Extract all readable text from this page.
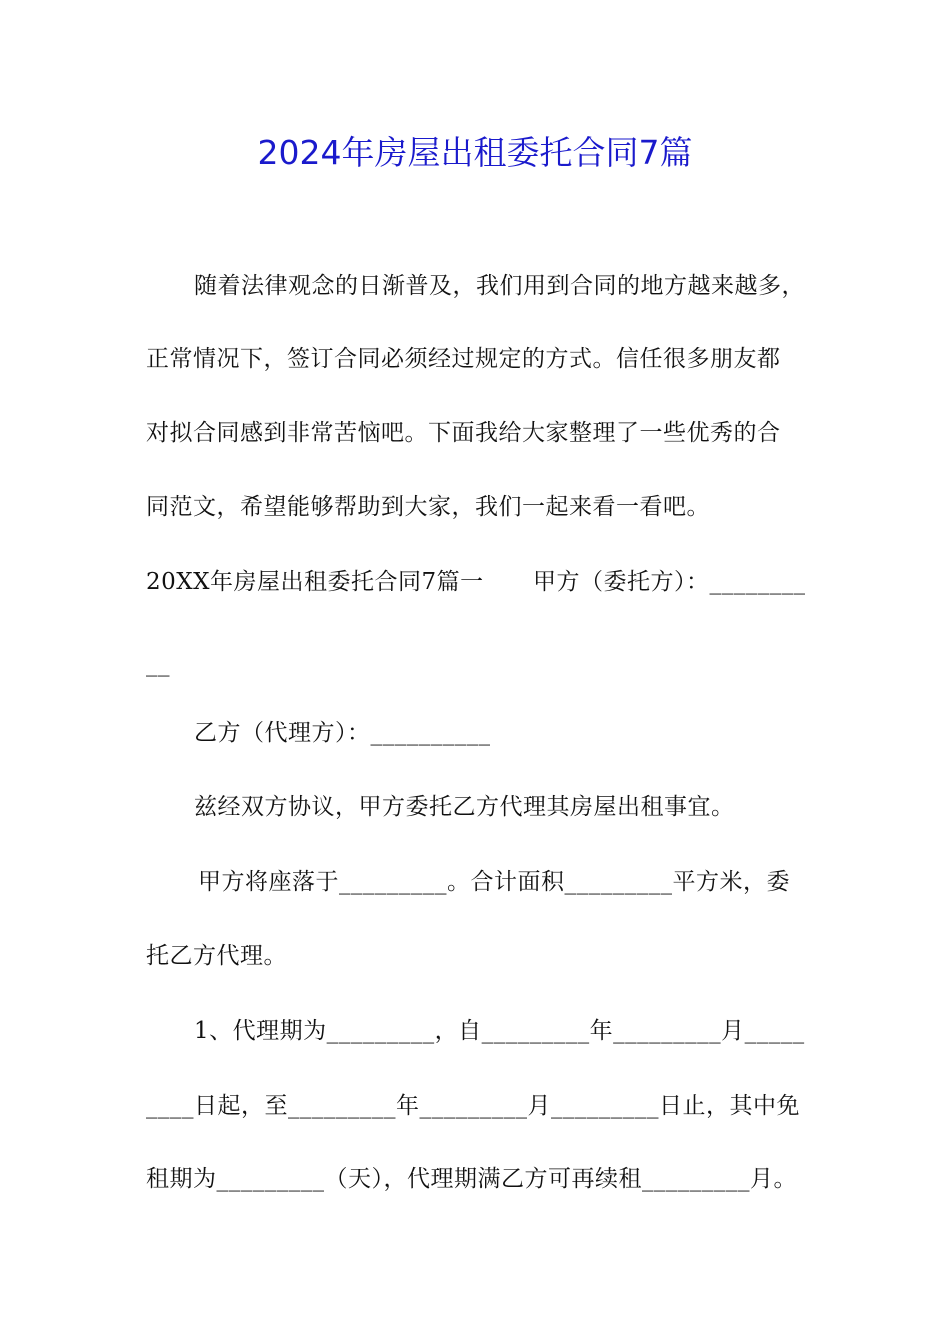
2024年房屋出租委托合同7篇
随着法律观念的日渐普及，我们用到合同的地方越来越多，
正常情况下，签订合同必须经过规定的方式。信任很多朋友都
对拟合同感到非常苦恼吧。下面我给大家整理了一些优秀的合
同范文，希望能够帮助到大家，我们一起来看一看吧。
20XX年房屋出租委托合同7篇一 甲方（委托方）：________
__
乙方（代理方）：__________
兹经双方协议，甲方委托乙方代理其房屋出租事宜。
甲方将座落于_________。合计面积_________平方米，委
托乙方代理。
1、代理期为_________，自_________年_________月_____
____日起，至_________年_________月_________日止，其中免
租期为_________（天），代理期满乙方可再续租_________月。
